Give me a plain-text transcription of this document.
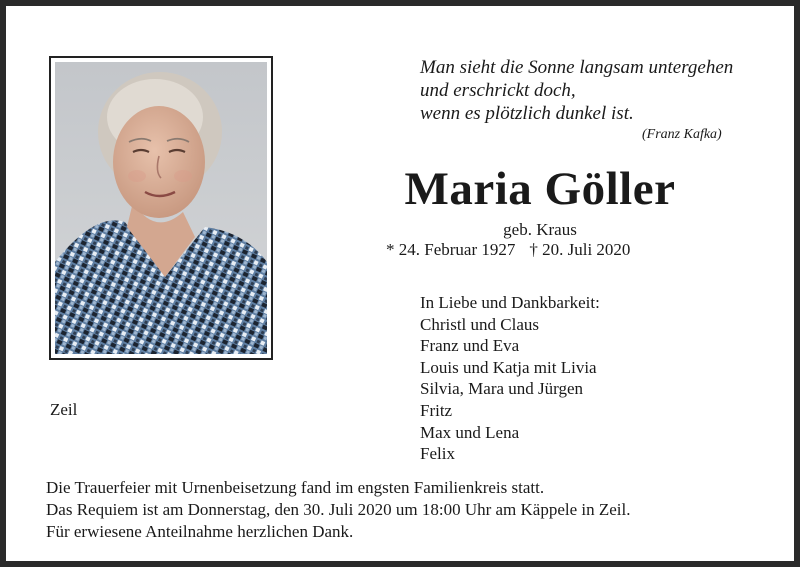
Man sieht die Sonne langsam untergehen
und erschrickt doch,
wenn es plötzlich dunkel ist.
(Franz Kafka)
Maria Göller
geb. Kraus
* 24. Februar 1927 † 20. Juli 2020
In Liebe und Dankbarkeit:
Christl und Claus
Franz und Eva
Louis und Katja mit Livia
Silvia, Mara und Jürgen
Fritz
Max und Lena
Felix
Zeil
Die Trauerfeier mit Urnenbeisetzung fand im engsten Familienkreis statt.
Das Requiem ist am Donnerstag, den 30. Juli 2020 um 18:00 Uhr am Käppele in Zeil.
Für erwiesene Anteilnahme herzlichen Dank.
